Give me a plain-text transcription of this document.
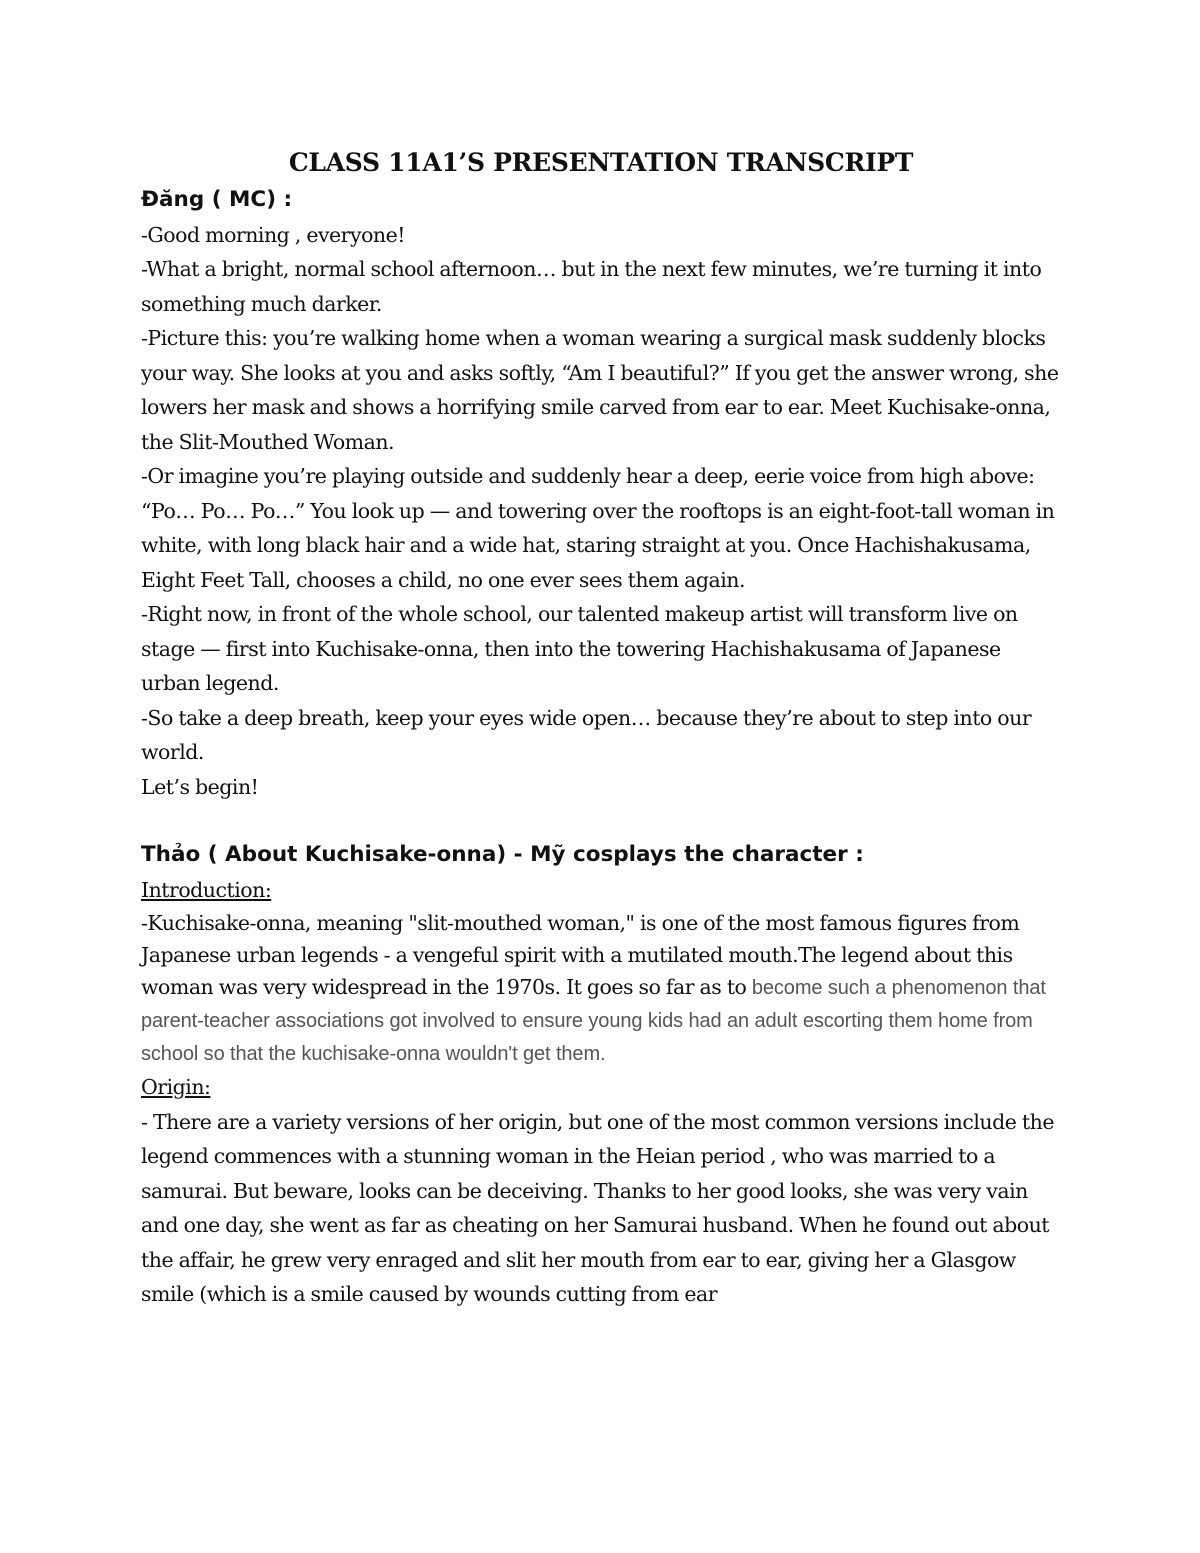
CLASS 11A1’S PRESENTATION TRANSCRIPT

Đăng ( MC) :

-Good morning , everyone!

-What a bright, normal school afternoon… but in the next few minutes, we’re turning it into something much darker.

-Picture this: you’re walking home when a woman wearing a surgical mask suddenly blocks your way. She looks at you and asks softly, “Am I beautiful?” If you get the answer wrong, she lowers her mask and shows a horrifying smile carved from ear to ear. Meet Kuchisake-onna, the Slit-Mouthed Woman.

-Or imagine you’re playing outside and suddenly hear a deep, eerie voice from high above: “Po… Po… Po…” You look up — and towering over the rooftops is an eight-foot-tall woman in white, with long black hair and a wide hat, staring straight at you. Once Hachishakusama, Eight Feet Tall, chooses a child, no one ever sees them again.

-Right now, in front of the whole school, our talented makeup artist will transform live on stage — first into Kuchisake-onna, then into the towering Hachishakusama of Japanese urban legend.

-So take a deep breath, keep your eyes wide open… because they’re about to step into our world.

Let’s begin!

Thảo ( About Kuchisake-onna) - Mỹ cosplays the character :

Introduction:

-Kuchisake-onna, meaning "slit-mouthed woman," is one of the most famous figures from Japanese urban legends - a vengeful spirit with a mutilated mouth.The legend about this woman was very widespread in the 1970s. It goes so far as to become such a phenomenon that parent-teacher associations got involved to ensure young kids had an adult escorting them home from school so that the kuchisake-onna wouldn't get them.

Origin:

- There are a variety versions of her origin, but one of the most common versions include the legend commences with a stunning woman in the Heian period , who was married to a samurai. But beware, looks can be deceiving. Thanks to her good looks, she was very vain and one day, she went as far as cheating on her Samurai husband. When he found out about the affair, he grew very enraged and slit her mouth from ear to ear, giving her a Glasgow smile (which is a smile caused by wounds cutting from ear
